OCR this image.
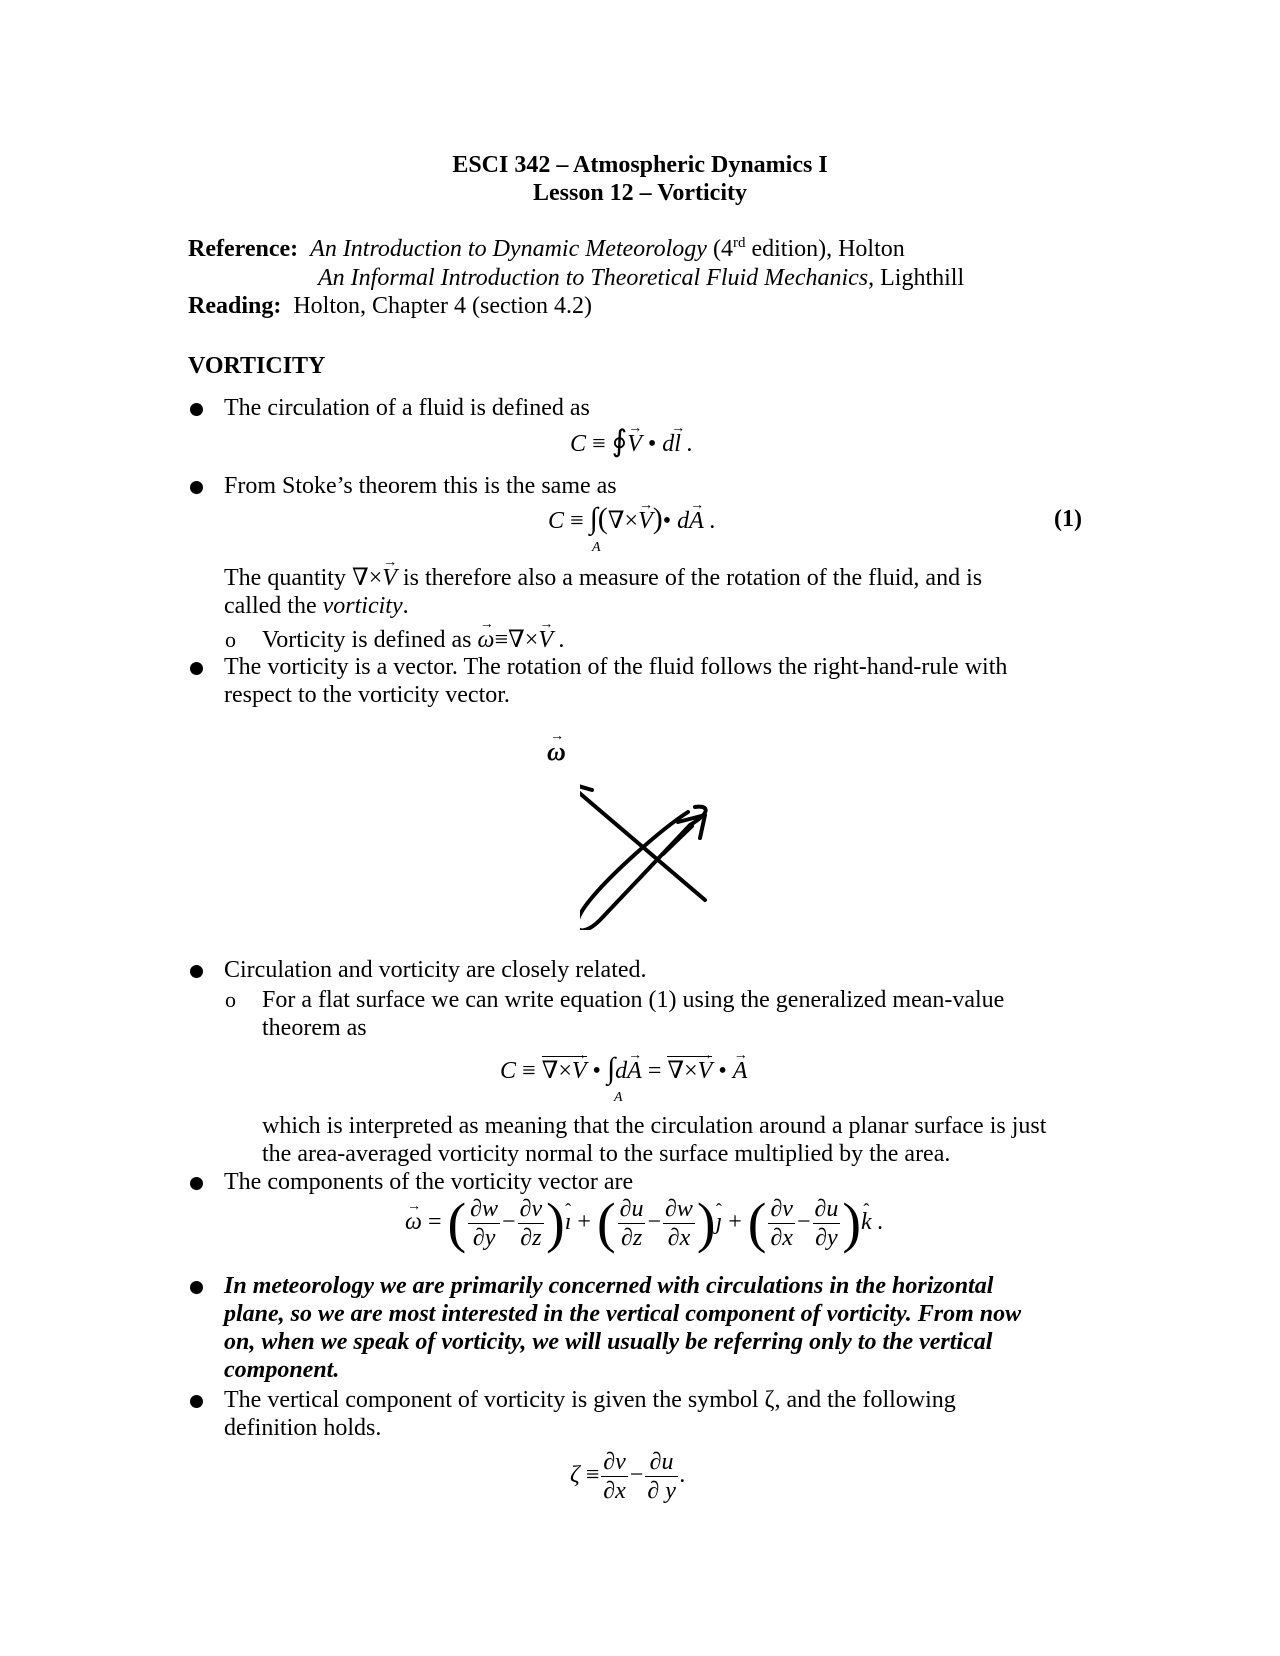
ESCI 342 – Atmospheric Dynamics I
Lesson 12 – Vorticity
Reference: An Introduction to Dynamic Meteorology (4rd edition), Holton
An Informal Introduction to Theoretical Fluid Mechanics, Lighthill
Reading: Holton, Chapter 4 (section 4.2)
VORTICITY
The circulation of a fluid is defined as
C ≡ ∮→ V • d→ l .
From Stoke’s theorem this is the same as
C ≡ ∫(∇×→ V)• d→ A .
A
(1)
The quantity ∇×→ V is therefore also a measure of the rotation of the fluid, and is
called the vorticity.
o Vorticity is defined as → ω≡∇×→ V .
The vorticity is a vector. The rotation of the fluid follows the right-hand-rule with
respect to the vorticity vector.
→ ω
Circulation and vorticity are closely related.
o For a flat surface we can write equation (1) using the generalized mean-value
theorem as
C ≡ ∇×→ V • ∫d→ A = ∇×→ V • → A
A
which is interpreted as meaning that the circulation around a planar surface is just
the area-averaged vorticity normal to the surface multiplied by the area.
The components of the vorticity vector are
→ ω = ( $\frac{\partial w}{\partial y} - \frac{\partial v}{\partial z}$ )ˆ ı + ( $\frac{\partial u}{\partial z} - \frac{\partial w}{\partial x}$ )ˆ ȷ + ( $\frac{\partial v}{\partial x} - \frac{\partial u}{\partial y}$ )ˆ k .
In meteorology we are primarily concerned with circulations in the horizontal
plane, so we are most interested in the vertical component of vorticity. From now
on, when we speak of vorticity, we will usually be referring only to the vertical
component.
The vertical component of vorticity is given the symbol ζ, and the following
definition holds.
$\zeta \equiv \frac{\partial v}{\partial x} - \frac{\partial u}{\partial y}$ .
